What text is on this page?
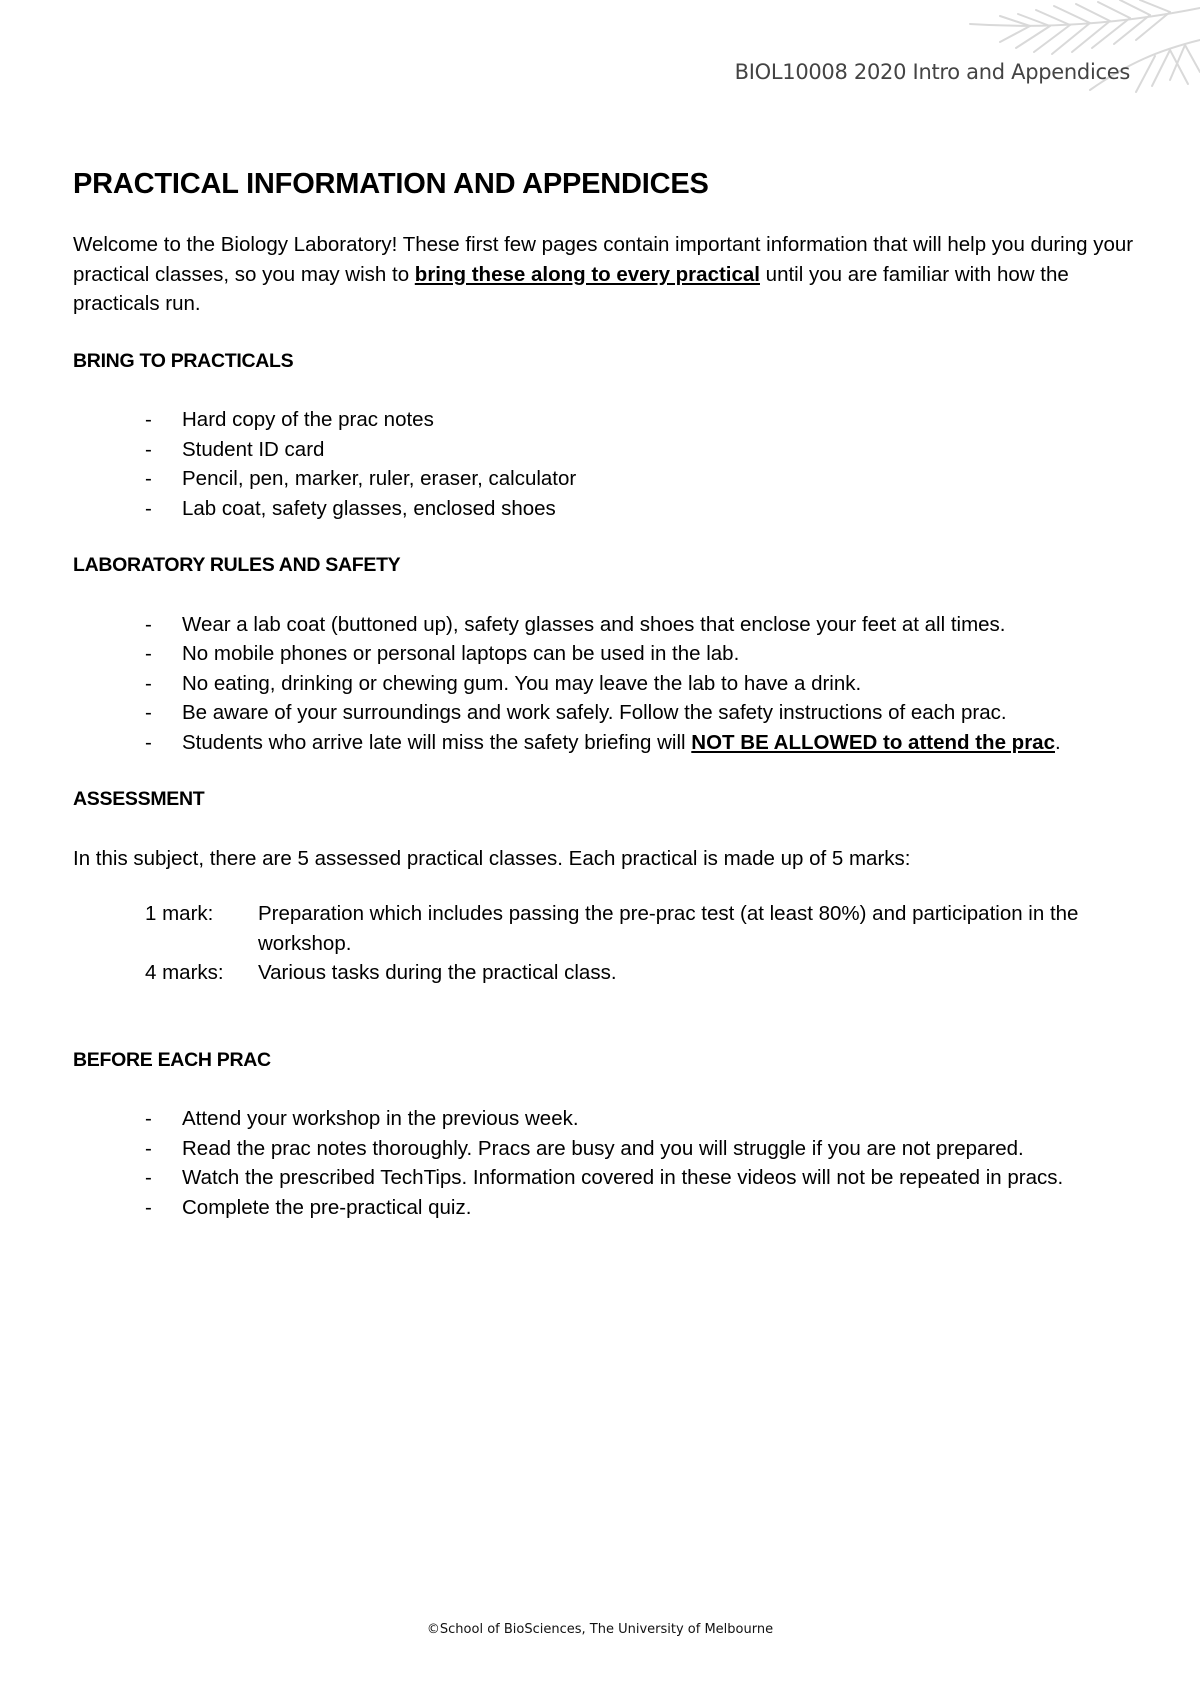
BIOL10008 2020 Intro and Appendices
PRACTICAL INFORMATION AND APPENDICES

Welcome to the Biology Laboratory! These first few pages contain important information that will help you during your practical classes, so you may wish to bring these along to every practical until you are familiar with how the practicals run.

BRING TO PRACTICALS
- Hard copy of the prac notes
- Student ID card
- Pencil, pen, marker, ruler, eraser, calculator
- Lab coat, safety glasses, enclosed shoes
LABORATORY RULES AND SAFETY
- Wear a lab coat (buttoned up), safety glasses and shoes that enclose your feet at all times.
- No mobile phones or personal laptops can be used in the lab.
- No eating, drinking or chewing gum. You may leave the lab to have a drink.
- Be aware of your surroundings and work safely. Follow the safety instructions of each prac.
- Students who arrive late will miss the safety briefing will NOT BE ALLOWED to attend the prac.
ASSESSMENT

In this subject, there are 5 assessed practical classes. Each practical is made up of 5 marks:

1 mark:	Preparation which includes passing the pre-prac test (at least 80%) and participation in the workshop.
4 marks:	Various tasks during the practical class.
BEFORE EACH PRAC
- Attend your workshop in the previous week.
- Read the prac notes thoroughly. Pracs are busy and you will struggle if you are not prepared.
- Watch the prescribed TechTips. Information covered in these videos will not be repeated in pracs.
- Complete the pre-practical quiz.
©School of BioSciences, The University of Melbourne
